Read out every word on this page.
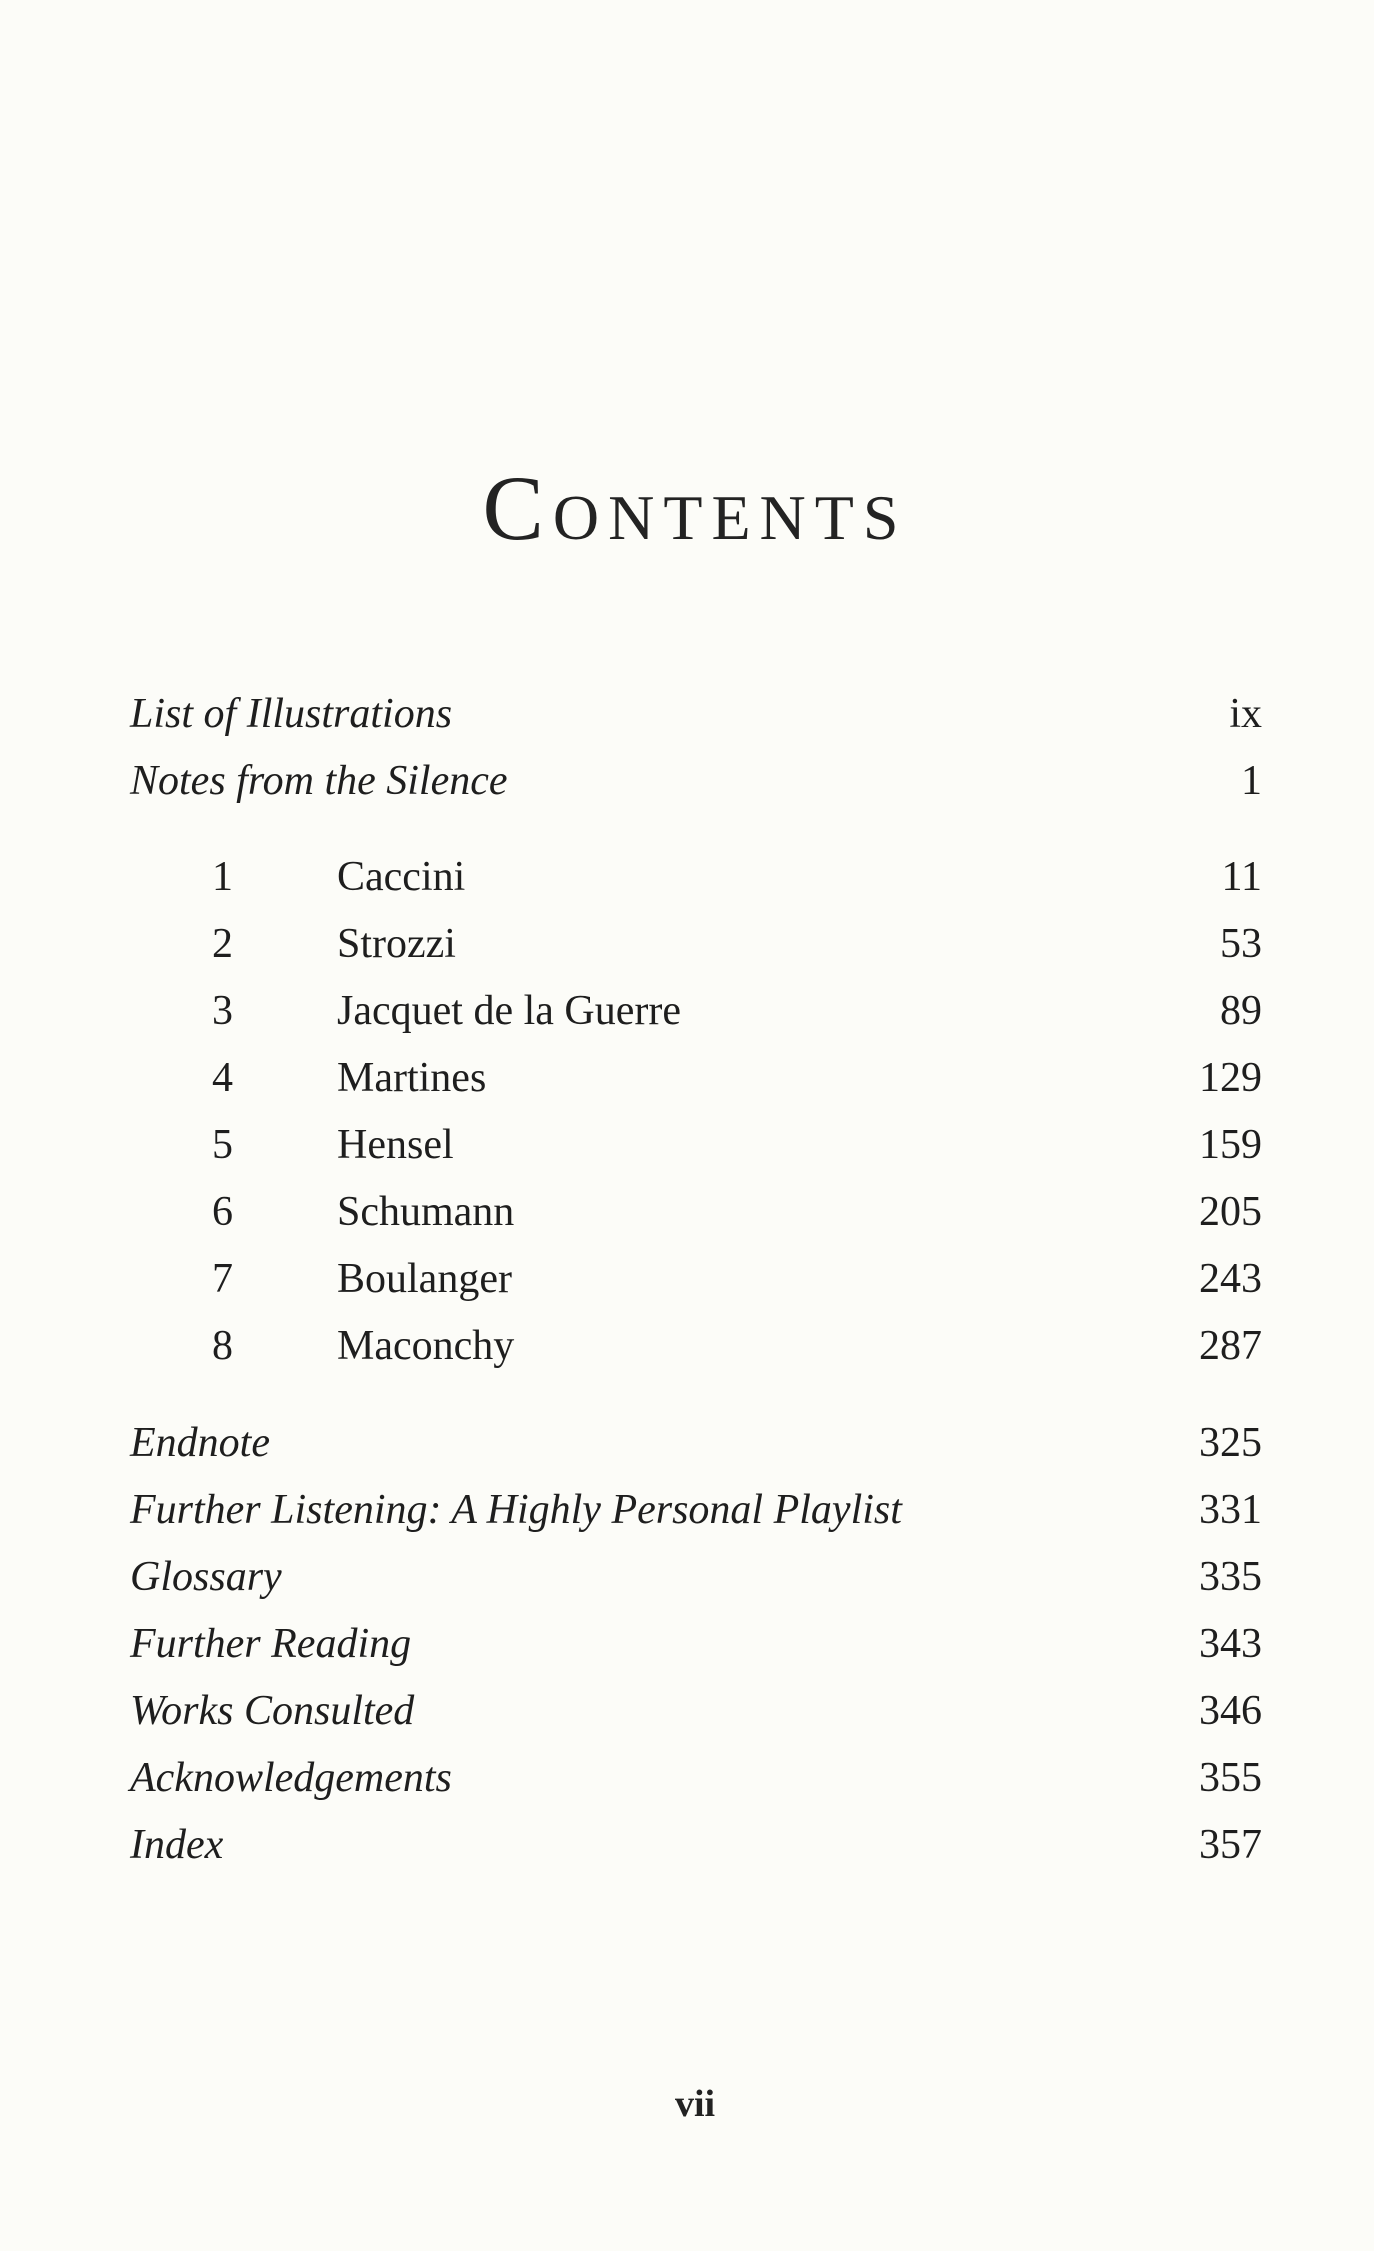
Contents
List of Illustrations	ix
Notes from the Silence	1
1 Caccini	11
2 Strozzi	53
3 Jacquet de la Guerre	89
4 Martines	129
5 Hensel	159
6 Schumann	205
7 Boulanger	243
8 Maconchy	287
Endnote	325
Further Listening: A Highly Personal Playlist	331
Glossary	335
Further Reading	343
Works Consulted	346
Acknowledgements	355
Index	357
vii
